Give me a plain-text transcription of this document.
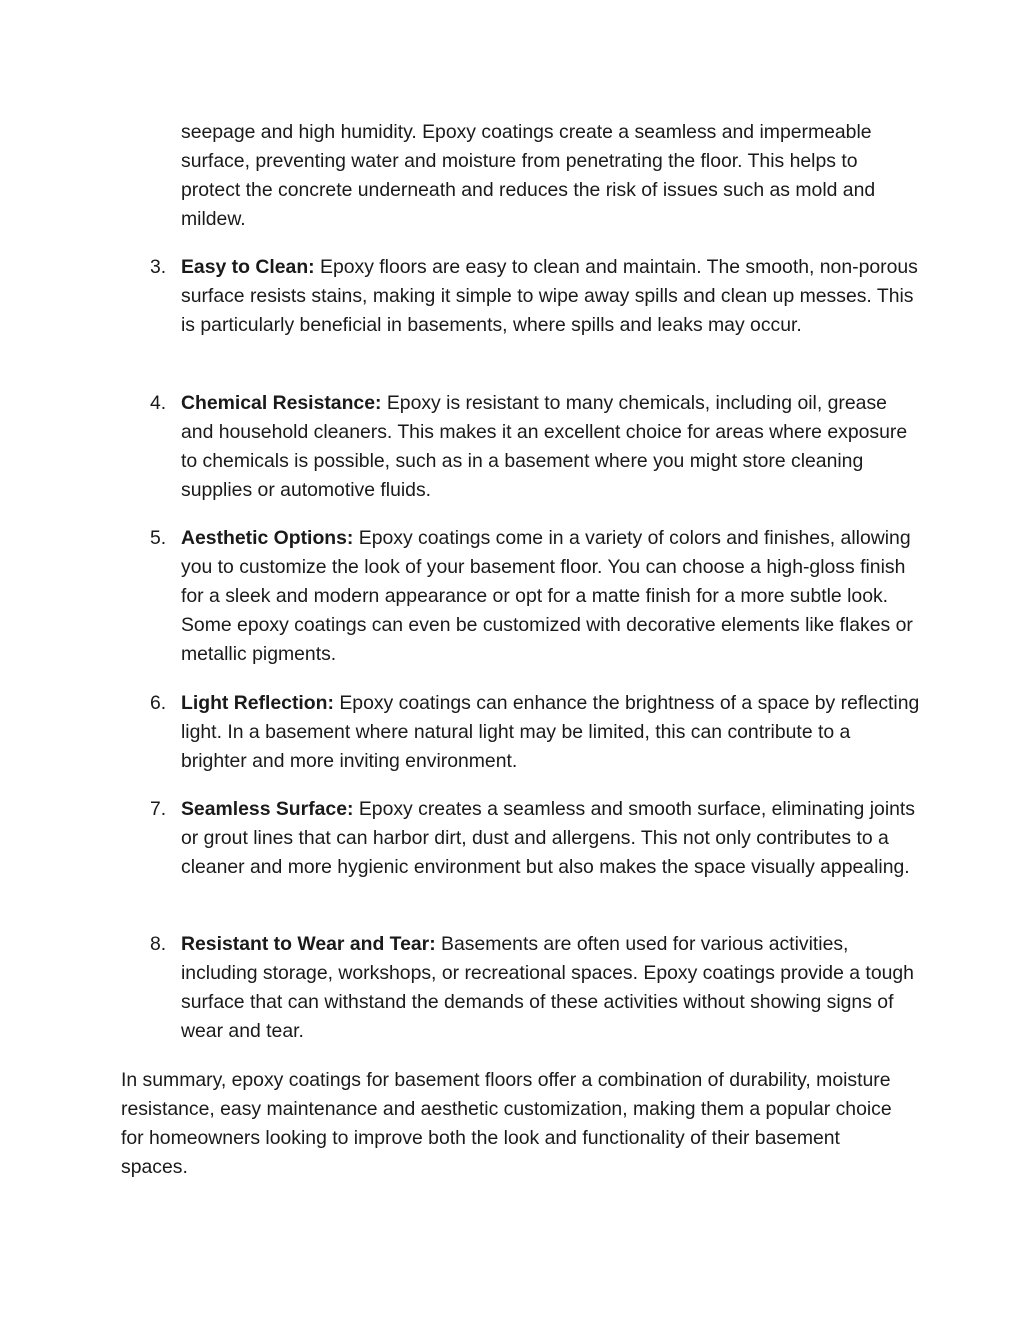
seepage and high humidity. Epoxy coatings create a seamless and impermeable surface, preventing water and moisture from penetrating the floor. This helps to protect the concrete underneath and reduces the risk of issues such as mold and mildew.

3. Easy to Clean: Epoxy floors are easy to clean and maintain. The smooth, non-porous surface resists stains, making it simple to wipe away spills and clean up messes. This is particularly beneficial in basements, where spills and leaks may occur.

4. Chemical Resistance: Epoxy is resistant to many chemicals, including oil, grease and household cleaners. This makes it an excellent choice for areas where exposure to chemicals is possible, such as in a basement where you might store cleaning supplies or automotive fluids.

5. Aesthetic Options: Epoxy coatings come in a variety of colors and finishes, allowing you to customize the look of your basement floor. You can choose a high-gloss finish for a sleek and modern appearance or opt for a matte finish for a more subtle look. Some epoxy coatings can even be customized with decorative elements like flakes or metallic pigments.

6. Light Reflection: Epoxy coatings can enhance the brightness of a space by reflecting light. In a basement where natural light may be limited, this can contribute to a brighter and more inviting environment.

7. Seamless Surface: Epoxy creates a seamless and smooth surface, eliminating joints or grout lines that can harbor dirt, dust and allergens. This not only contributes to a cleaner and more hygienic environment but also makes the space visually appealing.

8. Resistant to Wear and Tear: Basements are often used for various activities, including storage, workshops, or recreational spaces. Epoxy coatings provide a tough surface that can withstand the demands of these activities without showing signs of wear and tear.

In summary, epoxy coatings for basement floors offer a combination of durability, moisture resistance, easy maintenance and aesthetic customization, making them a popular choice for homeowners looking to improve both the look and functionality of their basement spaces.
